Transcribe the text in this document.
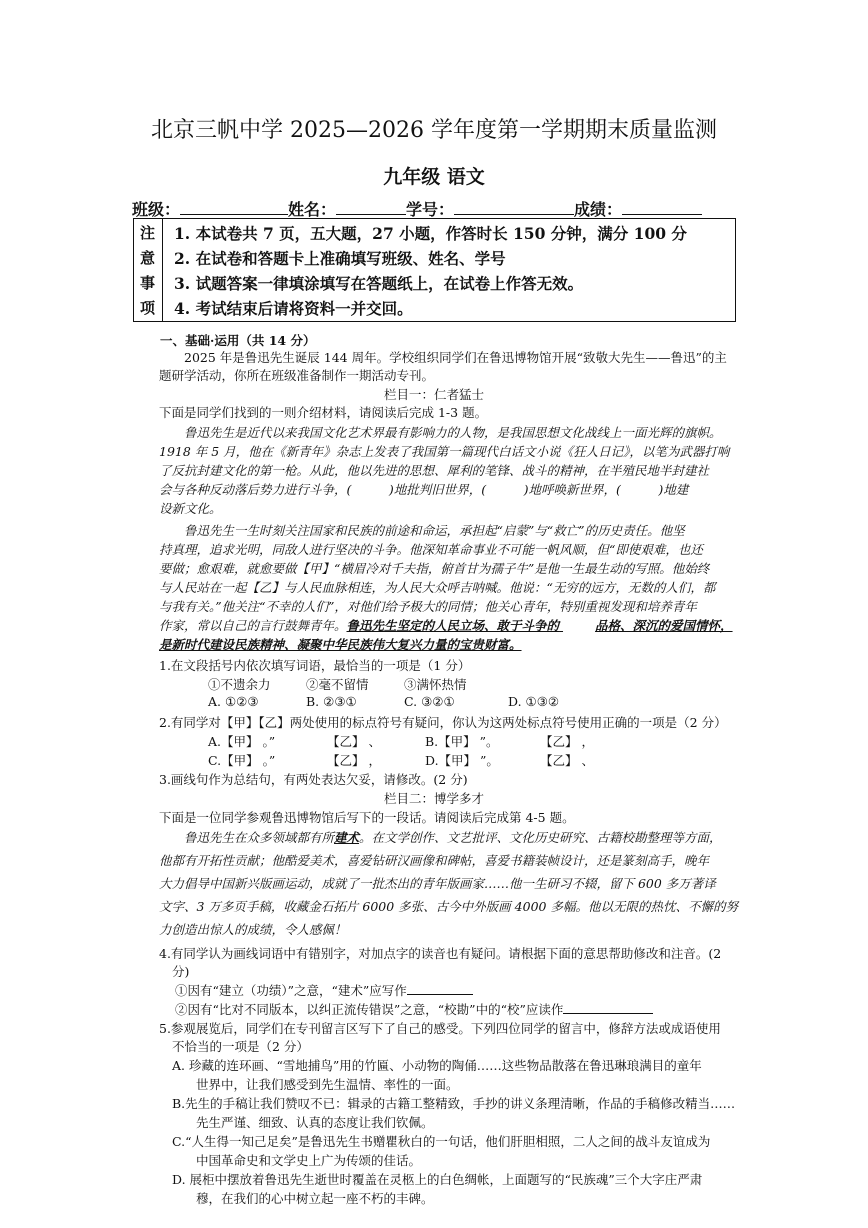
北京三帆中学 2025—2026 学年度第一学期期末质量监测
九年级 语文
班级：	姓名：	学号：	成绩：
注
意
事
项
1. 本试卷共 7 页，五大题，27 小题，作答时长 150 分钟，满分 100 分
2. 在试卷和答题卡上准确填写班级、姓名、学号
3. 试题答案一律填涂填写在答题纸上，在试卷上作答无效。
4. 考试结束后请将资料一并交回。
一、基础·运用（共 14 分）
2025 年是鲁迅先生诞辰 144 周年。学校组织同学们在鲁迅博物馆开展“致敬大先生——鲁迅”的主
题研学活动，你所在班级准备制作一期活动专刊。
栏目一：仁者猛士
下面是同学们找到的一则介绍材料，请阅读后完成 1-3 题。
鲁迅先生是近代以来我国文化艺术界最有影响力的人物，是我国思想文化战线上一面光辉的旗帜。
1918 年 5 月，他在《新青年》杂志上发表了我国第一篇现代白话文小说《狂人日记》，以笔为武器打响
了反抗封建文化的第一枪。从此，他以先进的思想、犀利的笔锋、战斗的精神，在半殖民地半封建社
会与各种反动落后势力进行斗争，(　　　)地批判旧世界，(　　　)地呼唤新世界，(　　　)地建
设新文化。
鲁迅先生一生时刻关注国家和民族的前途和命运，承担起“启蒙”与“救亡”的历史责任。他坚
持真理，追求光明，同敌人进行坚决的斗争。他深知革命事业不可能一帆风顺，但“即使艰难，也还
要做；愈艰难，就愈要做【甲】“横眉冷对千夫指，俯首甘为孺子牛”是他一生最生动的写照。他始终
与人民站在一起【乙】与人民血脉相连，为人民大众呼吉呐喊。他说：“无穷的远方，无数的人们，都
与我有关。”他关注“不幸的人们”，对他们给予极大的同情；他关心青年，特别重视发现和培养青年
作家，常以自己的言行鼓舞青年。鲁迅先生坚定的人民立场、敢于斗争的	品格、深沉的爱国情怀，
是新时代建设民族精神、凝聚中华民族伟大复兴力量的宝贵财富。
1.在文段括号内依次填写词语，最恰当的一项是（1 分）
①不遗余力	②毫不留情	③满怀热情
A. ①②③	B. ②③①	C. ③②①	D. ①③②
2.有同学对【甲】【乙】两处使用的标点符号有疑问，你认为这两处标点符号使用正确的一项是（2 分）
A.【甲】 。”	【乙】 、	B.【甲】 ”。	【乙】 ，
C.【甲】 。”	【乙】 ，	D.【甲】 ”。	【乙】 、
3.画线句作为总结句，有两处表达欠妥，请修改。(2 分)
栏目二：博学多才
下面是一位同学参观鲁迅博物馆后写下的一段话。请阅读后完成第 4-5 题。
鲁迅先生在众多领域都有所建术。在文学创作、文艺批评、文化历史研究、古籍校勘整理等方面，
他都有开拓性贡献；他酷爱美术，喜爱钻研汉画像和碑帖，喜爱书籍装帧设计，还是篆刻高手，晚年
大力倡导中国新兴版画运动，成就了一批杰出的青年版画家……他一生研习不辍，留下 600 多万著译
文字、3 万多页手稿，收藏金石拓片 6000 多张、古今中外版画 4000 多幅。他以无限的热忱、不懈的努
力创造出惊人的成绩，令人感佩！
4.有同学认为画线词语中有错别字，对加点字的读音也有疑问。请根据下面的意思帮助修改和注音。(2
分)
①因有“建立（功绩）”之意，“建术”应写作
②因有“比对不同版本，以纠正流传错误”之意，“校勘”中的“校”应读作
5.参观展览后，同学们在专刊留言区写下了自己的感受。下列四位同学的留言中，修辞方法或成语使用
不恰当的一项是（2 分）
A. 珍藏的连环画、“雪地捕鸟”用的竹匾、小动物的陶俑……这些物品散落在鲁迅琳琅满目的童年
世界中，让我们感受到先生温情、率性的一面。
B.先生的手稿让我们赞叹不已：辑录的古籍工整精致，手抄的讲义条理清晰，作品的手稿修改精当……
先生严谨、细致、认真的态度让我们钦佩。
C.“人生得一知己足矣”是鲁迅先生书赠瞿秋白的一句话，他们肝胆相照，二人之间的战斗友谊成为
中国革命史和文学史上广为传颂的佳话。
D. 展柜中摆放着鲁迅先生逝世时覆盖在灵柩上的白色绸帐，上面题写的“民族魂”三个大字庄严肃
穆，在我们的心中树立起一座不朽的丰碑。
